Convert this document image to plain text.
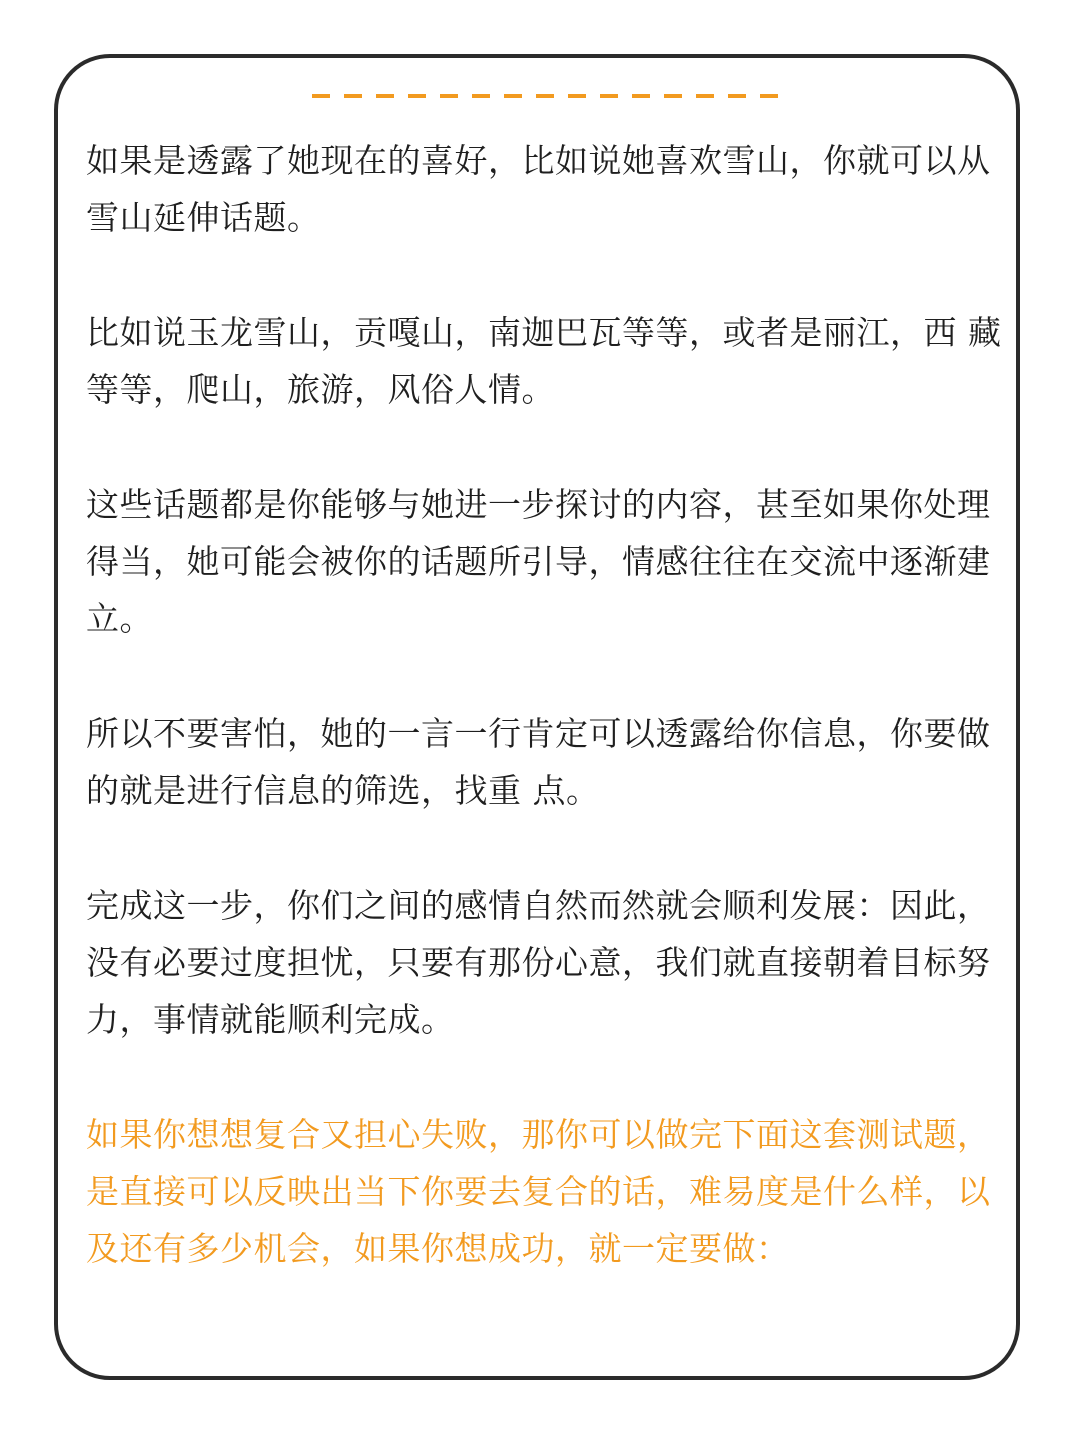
如果是透露了她现在的喜好，比如说她喜欢雪山，你就可以从雪山延伸话题。

比如说玉龙雪山，贡嘎山，南迦巴瓦等等，或者是丽江，西 藏等等，爬山，旅游，风俗人情。

这些话题都是你能够与她进一步探讨的内容，甚至如果你处理得当，她可能会被你的话题所引导，情感往往在交流中逐渐建立。

所以不要害怕，她的一言一行肯定可以透露给你信息，你要做的就是进行信息的筛选，找重 点。

完成这一步，你们之间的感情自然而然就会顺利发展：因此， 没有必要过度担忧，只要有那份心意，我们就直接朝着目标努力，事情就能顺利完成。

如果你想想复合又担心失败，那你可以做完下面这套测试题，是直接可以反映出当下你要去复合的话，难易度是什么样，以及还有多少机会，如果你想成功，就一定要做：
